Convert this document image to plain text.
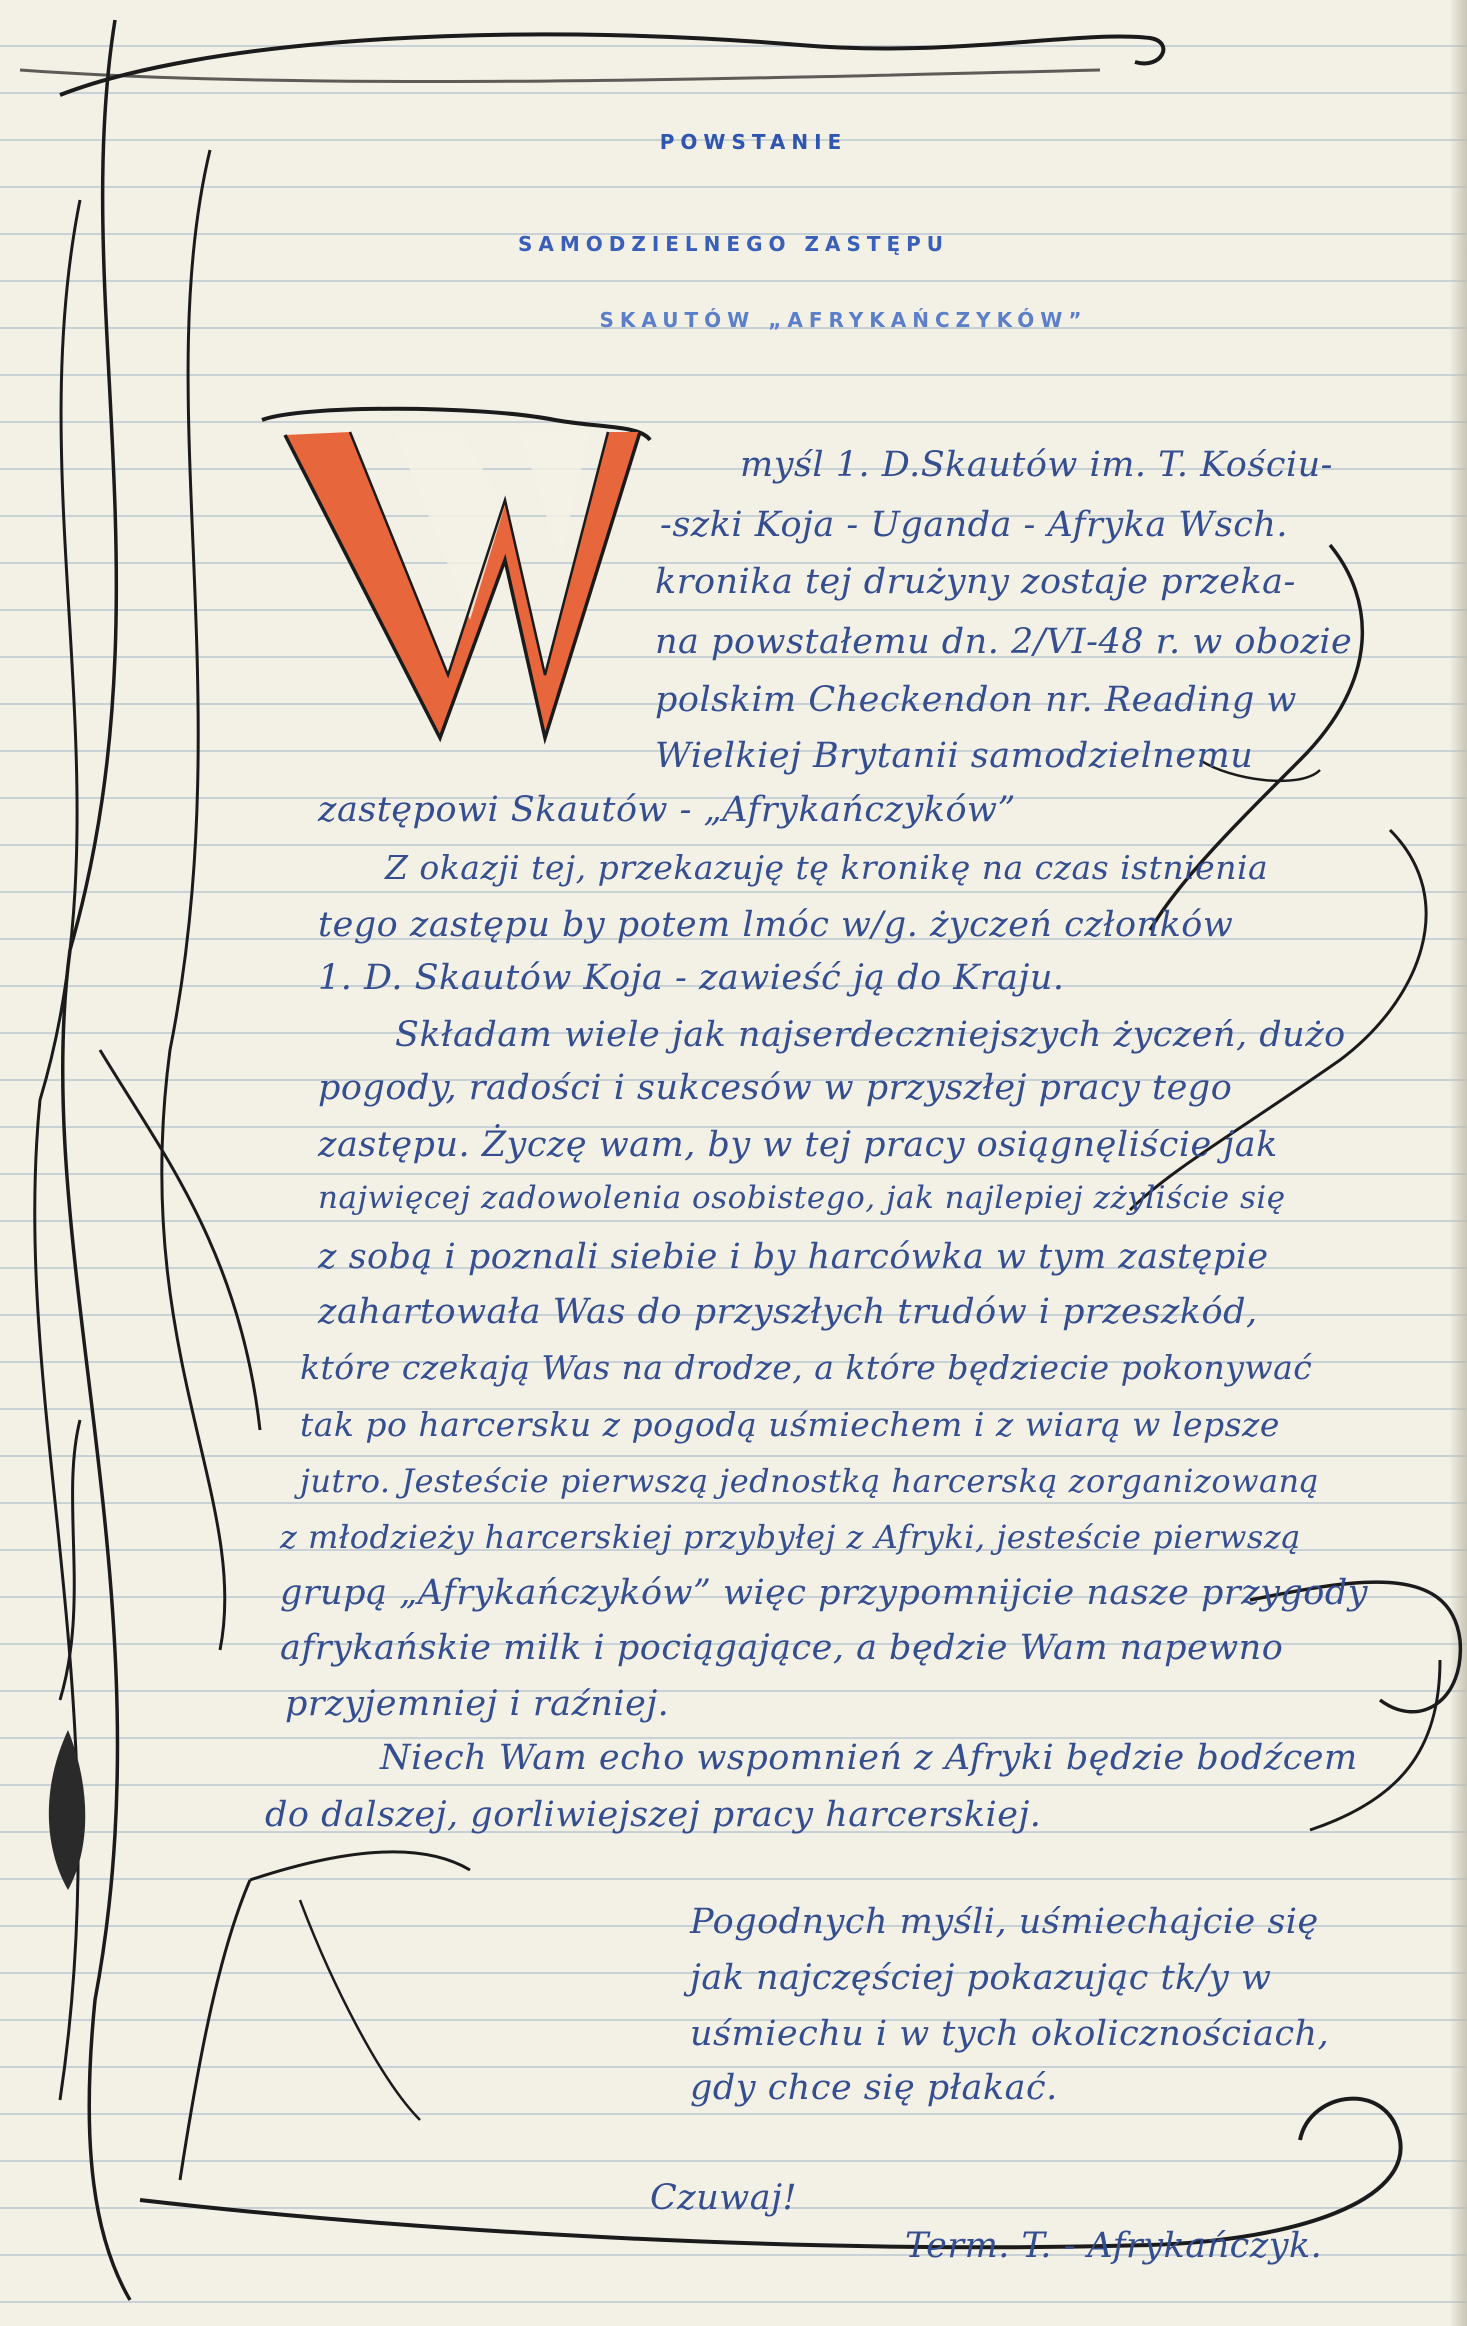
POWSTANIE
SAMODZIELNEGO ZASTĘPU
SKAUTÓW „AFRYKAŃCZYKÓW”
myśl 1. D.Skautów im. T. Kościu-
-szki Koja - Uganda - Afryka Wsch.
kronika tej drużyny zostaje przeka-
na powstałemu dn. 2/VI-48 r. w obozie
polskim Checkendon nr. Reading w
Wielkiej Brytanii samodzielnemu
zastępowi Skautów - „Afrykańczyków”
Z okazji tej, przekazuję tę kronikę na czas istnienia
tego zastępu by potem lmóc w/g. życzeń członków
1. D. Skautów Koja - zawieść ją do Kraju.
Składam wiele jak najserdeczniejszych życzeń, dużo
pogody, radości i sukcesów w przyszłej pracy tego
zastępu. Życzę wam, by w tej pracy osiągnęliście jak
najwięcej zadowolenia osobistego, jak najlepiej zżyliście się
z sobą i poznali siebie i by harcówka w tym zastępie
zahartowała Was do przyszłych trudów i przeszkód,
które czekają Was na drodze, a które będziecie pokonywać
tak po harcersku z pogodą uśmiechem i z wiarą w lepsze
jutro. Jesteście pierwszą jednostką harcerską zorganizowaną
z młodzieży harcerskiej przybyłej z Afryki, jesteście pierwszą
grupą „Afrykańczyków” więc przypomnijcie nasze przygody
afrykańskie milk i pociągające, a będzie Wam napewno
przyjemniej i raźniej.
Niech Wam echo wspomnień z Afryki będzie bodźcem
do dalszej, gorliwiejszej pracy harcerskiej.
Pogodnych myśli, uśmiechajcie się
jak najczęściej pokazując tk/y w
uśmiechu i w tych okolicznościach,
gdy chce się płakać.
Czuwaj!
Term. T. - Afrykańczyk.
